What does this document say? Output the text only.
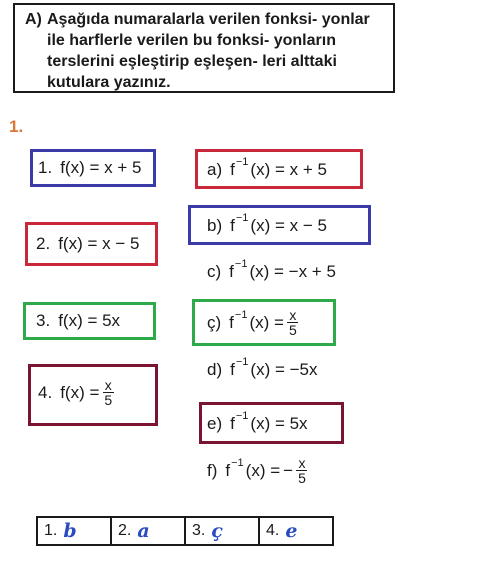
A) Aşağıda numaralarla verilen fonksi- yonlar ile harflerle verilen bu fonksi- yonların terslerini eşleştirip eşleşen- leri alttaki kutulara yazınız.
1.
1. f(x) = x + 5
2. f(x) = x − 5
3. f(x) = 5x
4. $f(x) = \frac{x}{5}$
a) $f^{-1}$ (x) = x + 5
b) $f^{-1}$ (x) = x − 5
c) $f^{-1}$ (x) = −x + 5
ç) $f^{-1}$ $(x) = \frac{x}{5}$
d) $f^{-1}$ (x) = −5x
e) $f^{-1}$ (x) = 5x
f) $f^{-1}$ (x) = − $\frac{x}{5}$
1. b	2. a	3. ç	4. e
